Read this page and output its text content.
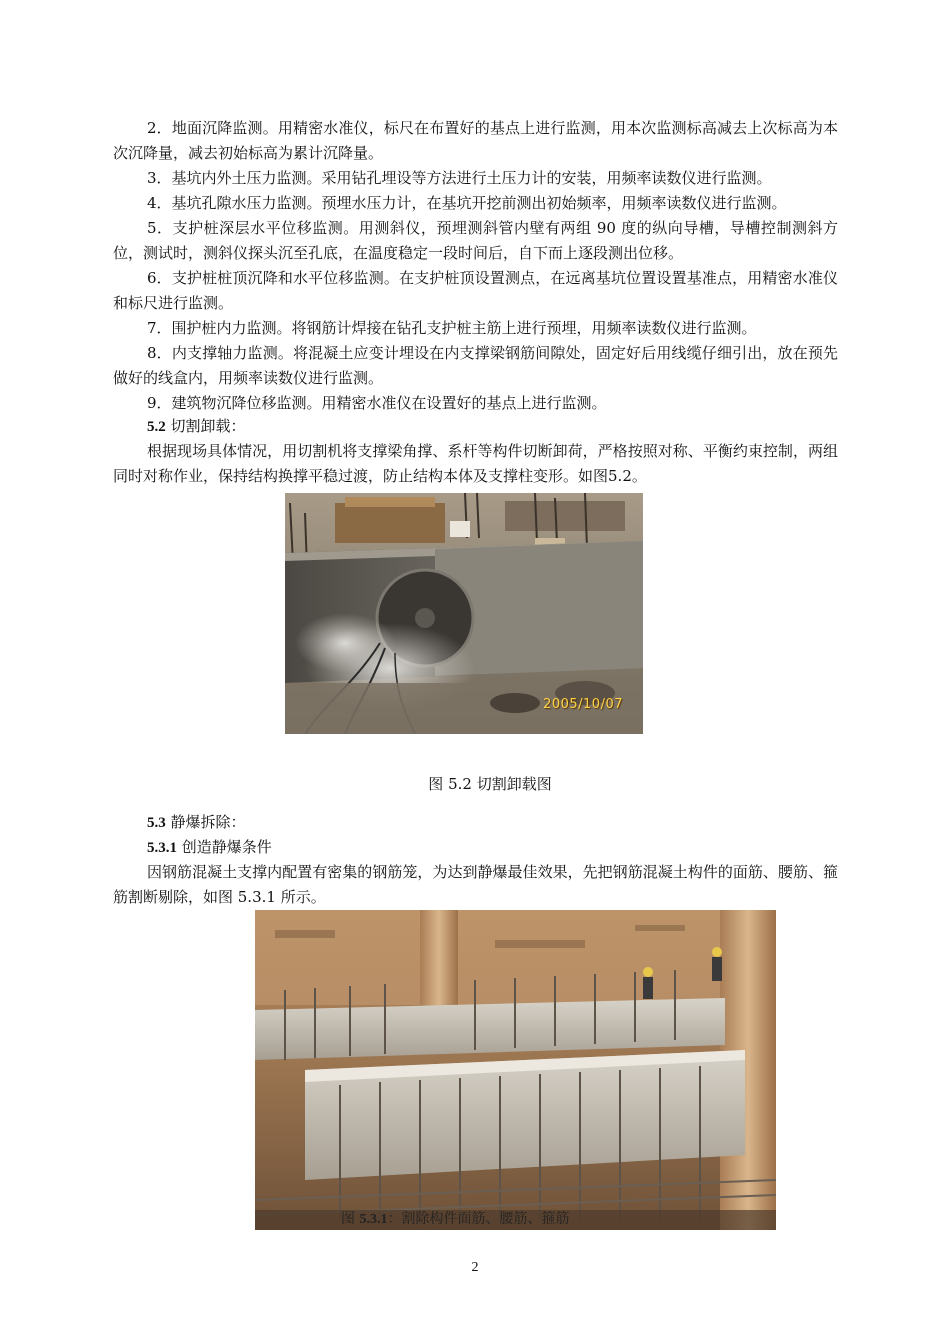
2．地面沉降监测。用精密水准仪，标尺在布置好的基点上进行监测，用本次监测标高减去上次标高为本次沉降量，减去初始标高为累计沉降量。

3．基坑内外土压力监测。采用钻孔埋设等方法进行土压力计的安装，用频率读数仪进行监测。

4．基坑孔隙水压力监测。预埋水压力计，在基坑开挖前测出初始频率，用频率读数仪进行监测。

5．支护桩深层水平位移监测。用测斜仪，预埋测斜管内壁有两组 90 度的纵向导槽，导槽控制测斜方位，测试时，测斜仪探头沉至孔底，在温度稳定一段时间后，自下而上逐段测出位移。

6．支护桩桩顶沉降和水平位移监测。在支护桩顶设置测点，在远离基坑位置设置基准点，用精密水准仪和标尺进行监测。

7．围护桩内力监测。将钢筋计焊接在钻孔支护桩主筋上进行预埋，用频率读数仪进行监测。

8．内支撑轴力监测。将混凝土应变计埋设在内支撑梁钢筋间隙处，固定好后用线缆仔细引出，放在预先做好的线盒内，用频率读数仪进行监测。

9．建筑物沉降位移监测。用精密水准仪在设置好的基点上进行监测。

5.2 切割卸载：

根据现场具体情况，用切割机将支撑梁角撑、系杆等构件切断卸荷，严格按照对称、平衡约束控制，两组同时对称作业，保持结构换撑平稳过渡，防止结构本体及支撑柱变形。如图5.2。

2005/10/07
图 5.2 切割卸载图
5.3 静爆拆除：
5.3.1 创造静爆条件

因钢筋混凝土支撑内配置有密集的钢筋笼，为达到静爆最佳效果，先把钢筋混凝土构件的面筋、腰筋、箍筋割断剔除，如图 5.3.1 所示。

图 5.3.1：割除构件面筋、腰筋、箍筋
2
